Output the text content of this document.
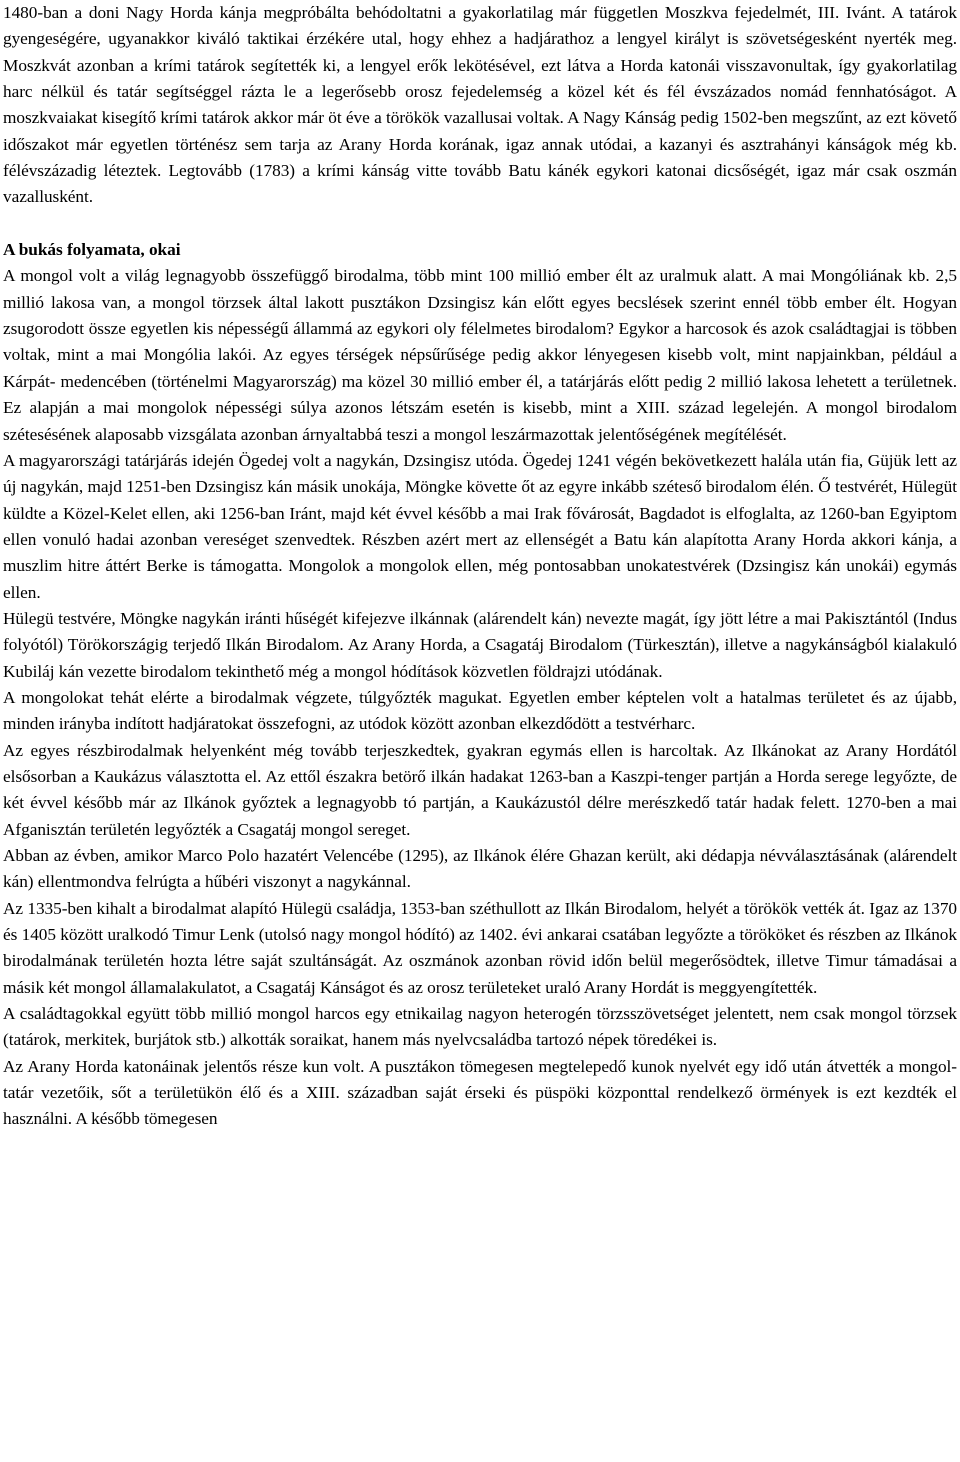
1480-ban a doni Nagy Horda kánja megpróbálta behódoltatni a gyakorlatilag már független Moszkva fejedelmét, III. Ivánt. A tatárok gyengeségére, ugyanakkor kiváló taktikai érzékére utal, hogy ehhez a hadjárathoz a lengyel királyt is szövetségesként nyerték meg. Moszkvát azonban a krími tatárok segítették ki, a lengyel erők lekötésével, ezt látva a Horda katonái visszavonultak, így gyakorlatilag harc nélkül és tatár segítséggel rázta le a legerősebb orosz fejedelemség a közel két és fél évszázados nomád fennhatóságot. A moszkvaiakat kisegítő krími tatárok akkor már öt éve a törökök vazallusai voltak. A Nagy Kánság pedig 1502-ben megszűnt, az ezt követő időszakot már egyetlen történész sem tarja az Arany Horda korának, igaz annak utódai, a kazanyi és asztrahányi kánságok még kb. félévszázadig léteztek. Legtovább (1783) a krími kánság vitte tovább Batu kánék egykori katonai dicsőségét, igaz már csak oszmán vazallusként.

A bukás folyamata, okai

A mongol volt a világ legnagyobb összefüggő birodalma, több mint 100 millió ember élt az uralmuk alatt. A mai Mongóliának kb. 2,5 millió lakosa van, a mongol törzsek által lakott pusztákon Dzsingisz kán előtt egyes becslések szerint ennél több ember élt. Hogyan zsugorodott össze egyetlen kis népességű állammá az egykori oly félelmetes birodalom? Egykor a harcosok és azok családtagjai is többen voltak, mint a mai Mongólia lakói. Az egyes térségek népsűrűsége pedig akkor lényegesen kisebb volt, mint napjainkban, például a Kárpát- medencében (történelmi Magyarország) ma közel 30 millió ember él, a tatárjárás előtt pedig 2 millió lakosa lehetett a területnek. Ez alapján a mai mongolok népességi súlya azonos létszám esetén is kisebb, mint a XIII. század legelején. A mongol birodalom szétesésének alaposabb vizsgálata azonban árnyaltabbá teszi a mongol leszármazottak jelentőségének megítélését.

A magyarországi tatárjárás idején Ögedej volt a nagykán, Dzsingisz utóda. Ögedej 1241 végén bekövetkezett halála után fia, Güjük lett az új nagykán, majd 1251-ben Dzsingisz kán másik unokája, Möngke követte őt az egyre inkább széteső birodalom élén. Ő testvérét, Hülegüt küldte a Közel-Kelet ellen, aki 1256-ban Iránt, majd két évvel később a mai Irak fővárosát, Bagdadot is elfoglalta, az 1260-ban Egyiptom ellen vonuló hadai azonban vereséget szenvedtek. Részben azért mert az ellenségét a Batu kán alapította Arany Horda akkori kánja, a muszlim hitre áttért Berke is támogatta. Mongolok a mongolok ellen, még pontosabban unokatestvérek (Dzsingisz kán unokái) egymás ellen.

Hülegü testvére, Möngke nagykán iránti hűségét kifejezve ilkánnak (alárendelt kán) nevezte magát, így jött létre a mai Pakisztántól (Indus folyótól) Törökországig terjedő Ilkán Birodalom. Az Arany Horda, a Csagatáj Birodalom (Türkesztán), illetve a nagykánságból kialakuló Kubiláj kán vezette birodalom tekinthető még a mongol hódítások közvetlen földrajzi utódának.

A mongolokat tehát elérte a birodalmak végzete, túlgyőzték magukat. Egyetlen ember képtelen volt a hatalmas területet és az újabb, minden irányba indított hadjáratokat összefogni, az utódok között azonban elkezdődött a testvérharc.

Az egyes részbirodalmak helyenként még tovább terjeszkedtek, gyakran egymás ellen is harcoltak. Az Ilkánokat az Arany Hordától elsősorban a Kaukázus választotta el. Az ettől északra betörő ilkán hadakat 1263-ban a Kaszpi-tenger partján a Horda serege legyőzte, de két évvel később már az Ilkánok győztek a legnagyobb tó partján, a Kaukázustól délre merészkedő tatár hadak felett. 1270-ben a mai Afganisztán területén legyőzték a Csagatáj mongol sereget.

Abban az évben, amikor Marco Polo hazatért Velencébe (1295), az Ilkánok élére Ghazan került, aki dédapja névválasztásának (alárendelt kán) ellentmondva felrúgta a hűbéri viszonyt a nagykánnal.

Az 1335-ben kihalt a birodalmat alapító Hülegü családja, 1353-ban széthullott az Ilkán Birodalom, helyét a törökök vették át. Igaz az 1370 és 1405 között uralkodó Timur Lenk (utolsó nagy mongol hódító) az 1402. évi ankarai csatában legyőzte a törököket és részben az Ilkánok birodalmának területén hozta létre saját szultánságát. Az oszmánok azonban rövid időn belül megerősödtek, illetve Timur támadásai a másik két mongol államalakulatot, a Csagatáj Kánságot és az orosz területeket uraló Arany Hordát is meggyengítették.

A családtagokkal együtt több millió mongol harcos egy etnikailag nagyon heterogén törzsszövetséget jelentett, nem csak mongol törzsek (tatárok, merkitek, burjátok stb.) alkották soraikat, hanem más nyelvcsaládba tartozó népek töredékei is.

Az Arany Horda katonáinak jelentős része kun volt. A pusztákon tömegesen megtelepedő kunok nyelvét egy idő után átvették a mongol-tatár vezetőik, sőt a területükön élő és a XIII. században saját érseki és püspöki központtal rendelkező örmények is ezt kezdték el használni. A később tömegesen
